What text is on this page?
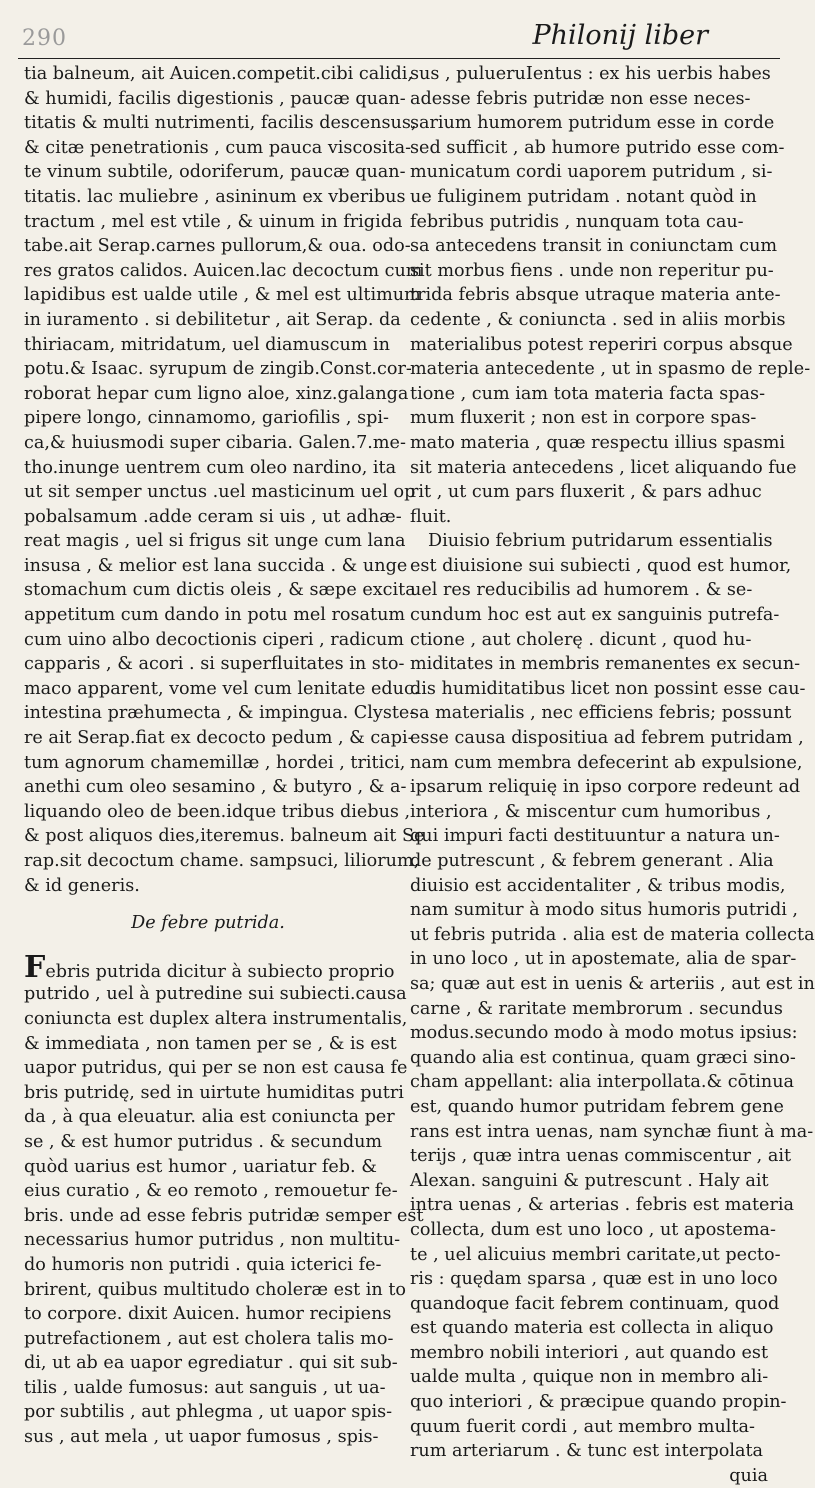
290	Philonij liber
tia balneum, ait Auicen.competit.cibi calidi,
& humidi, facilis digestionis , paucæ quan-
titatis & multi nutrimenti, facilis descensus,
& citæ penetrationis , cum pauca viscosita-
te vinum subtile, odoriferum, paucæ quan-
titatis. lac muliebre , asininum ex vberibus
tractum , mel est vtile , & uinum in frigida
tabe.ait Serap.carnes pullorum,& oua. odo-
res gratos calidos. Auicen.lac decoctum cum
lapidibus est ualde utile , & mel est ultimum
in iuramento . si debilitetur , ait Serap. da
thiriacam, mitridatum, uel diamuscum in
potu.& Isaac. syrupum de zingib.Const.cor-
roborat hepar cum ligno aloe, xinz.galanga
pipere longo, cinnamomo, gariofilis , spi-
ca,& huiusmodi super cibaria. Galen.7.me-
tho.inunge uentrem cum oleo nardino, ita
ut sit semper unctus .uel masticinum uel op
pobalsamum .adde ceram si uis , ut adhæ-
reat magis , uel si frigus sit unge cum lana
insusa , & melior est lana succida . & unge
stomachum cum dictis oleis , & sæpe excita
appetitum cum dando in potu mel rosatum
cum uino albo decoctionis ciperi , radicum
capparis , & acori . si superfluitates in sto-
maco apparent, vome vel cum lenitate educ.
intestina præhumecta , & impingua. Clyste-
re ait Serap.fiat ex decocto pedum , & capi-
tum agnorum chamemillæ , hordei , tritici,
anethi cum oleo sesamino , & butyro , & a-
liquando oleo de been.idque tribus diebus ,
& post aliquos dies,iteremus. balneum ait Se
rap.sit decoctum chame. sampsuci, liliorum,
& id generis.
De febre putrida.
Febris putrida dicitur à subiecto proprio
putrido , uel à putredine sui subiecti.causa
coniuncta est duplex altera instrumentalis,
& immediata , non tamen per se , & is est
uapor putridus, qui per se non est causa fe
bris putridę, sed in uirtute humiditas putri
da , à qua eleuatur. alia est coniuncta per
se , & est humor putridus . & secundum
quòd uarius est humor , uariatur feb. &
eius curatio , & eo remoto , remouetur fe-
bris. unde ad esse febris putridæ semper est
necessarius humor putridus , non multitu-
do humoris non putridi . quia icterici fe-
brirent, quibus multitudo choleræ est in to
to corpore. dixit Auicen. humor recipiens
putrefactionem , aut est cholera talis mo-
di, ut ab ea uapor egrediatur . qui sit sub-
tilis , ualde fumosus: aut sanguis , ut ua-
por subtilis , aut phlegma , ut uapor spis-
sus , aut mela , ut uapor fumosus , spis-
sus , pulueruIentus : ex his uerbis habes
adesse febris putridæ non esse neces-
sarium humorem putridum esse in corde
sed sufficit , ab humore putrido esse com-
municatum cordi uaporem putridum , si-
ue fuliginem putridam . notant quòd in
febribus putridis , nunquam tota cau-
sa antecedens transit in coniunctam cum
sit morbus fiens . unde non reperitur pu-
trida febris absque utraque materia ante-
cedente , & coniuncta . sed in aliis morbis
materialibus potest reperiri corpus absque
materia antecedente , ut in spasmo de reple-
tione , cum iam tota materia facta spas-
mum fluxerit ; non est in corpore spas-
mato materia , quæ respectu illius spasmi
sit materia antecedens , licet aliquando fue
rit , ut cum pars fluxerit , & pars adhuc
fluit.
Diuisio febrium putridarum essentialis
est diuisione sui subiecti , quod est humor,
uel res reducibilis ad humorem . & se-
cundum hoc est aut ex sanguinis putrefa-
ctione , aut cholerę . dicunt , quod hu-
miditates in membris remanentes ex secun-
dis humiditatibus licet non possint esse cau-
sa materialis , nec efficiens febris; possunt
esse causa dispositiua ad febrem putridam ,
nam cum membra defecerint ab expulsione,
ipsarum reliquię in ipso corpore redeunt ad
interiora , & miscentur cum humoribus ,
qui impuri facti destituuntur a natura un-
de putrescunt , & febrem generant . Alia
diuisio est accidentaliter , & tribus modis,
nam sumitur à modo situs humoris putridi ,
ut febris putrida . alia est de materia collecta
in uno loco , ut in apostemate, alia de spar-
sa; quæ aut est in uenis & arteriis , aut est in
carne , & raritate membrorum . secundus
modus.secundo modo à modo motus ipsius:
quando alia est continua, quam græci sino-
cham appellant: alia interpollata.& cōtinua
est, quando humor putridam febrem gene
rans est intra uenas, nam synchæ fiunt à ma-
terijs , quæ intra uenas commiscentur , ait
Alexan. sanguini & putrescunt . Haly ait
intra uenas , & arterias . febris est materia
collecta, dum est uno loco , ut apostema-
te , uel alicuius membri caritate,ut pecto-
ris : quędam sparsa , quæ est in uno loco
quandoque facit febrem continuam, quod
est quando materia est collecta in aliquo
membro nobili interiori , aut quando est
ualde multa , quique non in membro ali-
quo interiori , & præcipue quando propin-
quum fuerit cordi , aut membro multa-
rum arteriarum . & tunc est interpolata
quia
